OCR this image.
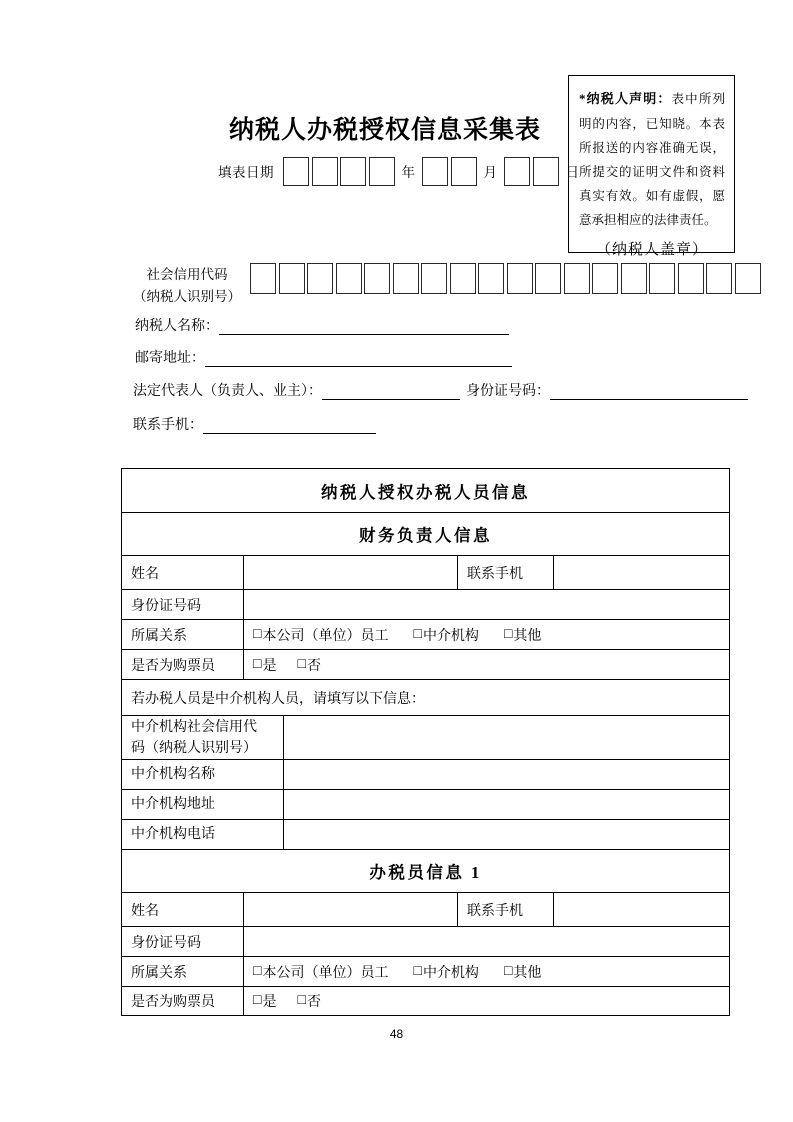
纳税人办税授权信息采集表
*纳税人声明：表中所列明的内容，已知晓。本表所报送的内容准确无误，所提交的证明文件和资料真实有效。如有虚假，愿意承担相应的法律责任。
（纳税人盖章）
填表日期	年	月	日
社会信用代码
（纳税人识别号）
纳税人名称：
邮寄地址：
法定代表人（负责人、业主）：	身份证号码：
联系手机：
纳税人授权办税人员信息
财务负责人信息
姓名	联系手机
身份证号码
所属关系	□ 本公司（单位）员工 □ 中介机构 □ 其他
是否为购票员	□ 是 □ 否
若办税人员是中介机构人员，请填写以下信息：
中介机构社会信用代码（纳税人识别号）
中介机构名称
中介机构地址
中介机构电话
办税员信息 1
姓名	联系手机
身份证号码
所属关系	□ 本公司（单位）员工 □ 中介机构 □ 其他
是否为购票员	□ 是 □ 否
48
